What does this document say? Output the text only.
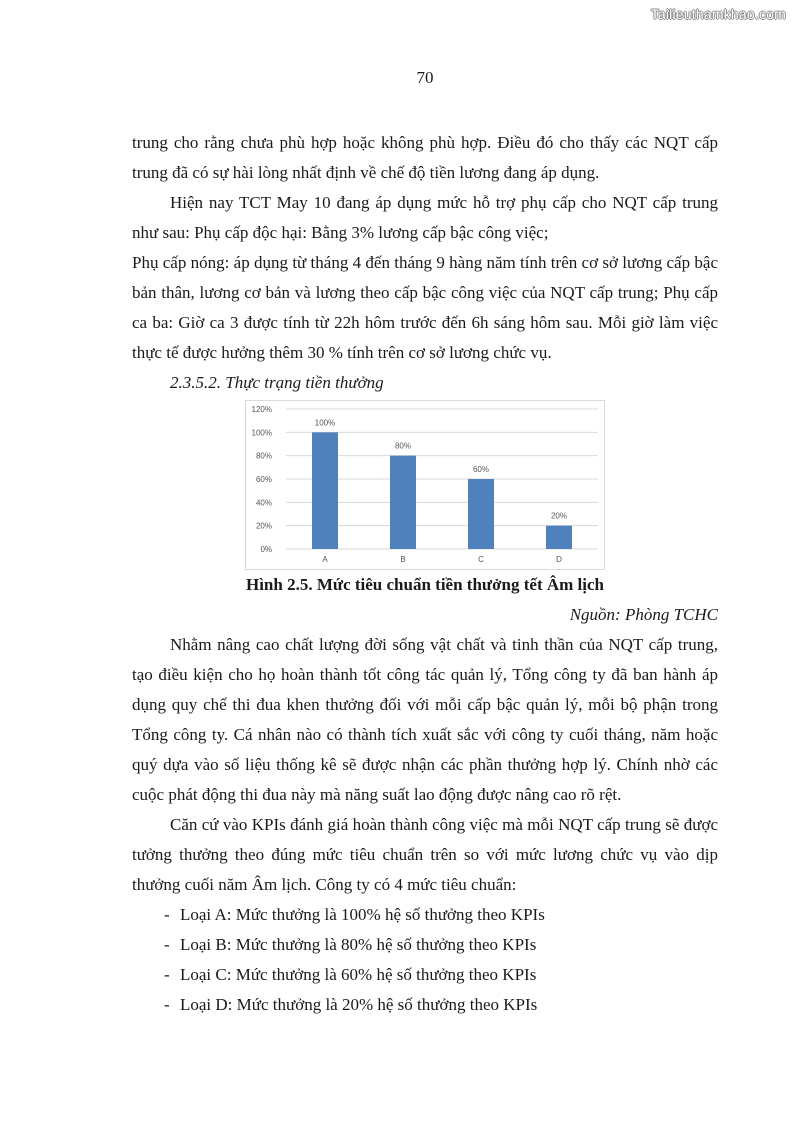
Tailieuthamkhao.com
70

trung cho rằng chưa phù hợp hoặc không phù hợp. Điều đó cho thấy các NQT cấp trung đã có sự hài lòng nhất định về chế độ tiền lương đang áp dụng.

Hiện nay TCT May 10 đang áp dụng mức hỗ trợ phụ cấp cho NQT cấp trung như sau: Phụ cấp độc hại: Bằng 3% lương cấp bậc công việc;

Phụ cấp nóng: áp dụng từ tháng 4 đến tháng 9 hàng năm tính trên cơ sở lương cấp bậc bản thân, lương cơ bản và lương theo cấp bậc công việc của NQT cấp trung; Phụ cấp ca ba: Giờ ca 3 được tính từ 22h hôm trước đến 6h sáng hôm sau. Mỗi giờ làm việc thực tế được hưởng thêm 30 % tính trên cơ sở lương chức vụ.

2.3.5.2. Thực trạng tiền thưởng

0%
20%
40%
60%
80%
100%
120%
100%
A
80%
B
60%
C
20%
D

Hình 2.5. Mức tiêu chuẩn tiền thưởng tết Âm lịch

Nguồn: Phòng TCHC

Nhằm nâng cao chất lượng đời sống vật chất và tinh thần của NQT cấp trung, tạo điều kiện cho họ hoàn thành tốt công tác quản lý, Tổng công ty đã ban hành áp dụng quy chế thi đua khen thưởng đối với mỗi cấp bậc quản lý, mỗi bộ phận trong Tổng công ty. Cá nhân nào có thành tích xuất sắc với công ty cuối tháng, năm hoặc quý dựa vào số liệu thống kê sẽ được nhận các phần thưởng hợp lý. Chính nhờ các cuộc phát động thi đua này mà năng suất lao động được nâng cao rõ rệt.

Căn cứ vào KPIs đánh giá hoàn thành công việc mà mỗi NQT cấp trung sẽ được tưởng thưởng theo đúng mức tiêu chuẩn trên so với mức lương chức vụ vào dịp thưởng cuối năm Âm lịch. Công ty có 4 mức tiêu chuẩn:

- Loại A: Mức thưởng là 100% hệ số thưởng theo KPIs
- Loại B: Mức thưởng là 80% hệ số thưởng theo KPIs
- Loại C: Mức thưởng là 60% hệ số thưởng theo KPIs
- Loại D: Mức thưởng là 20% hệ số thưởng theo KPIs
